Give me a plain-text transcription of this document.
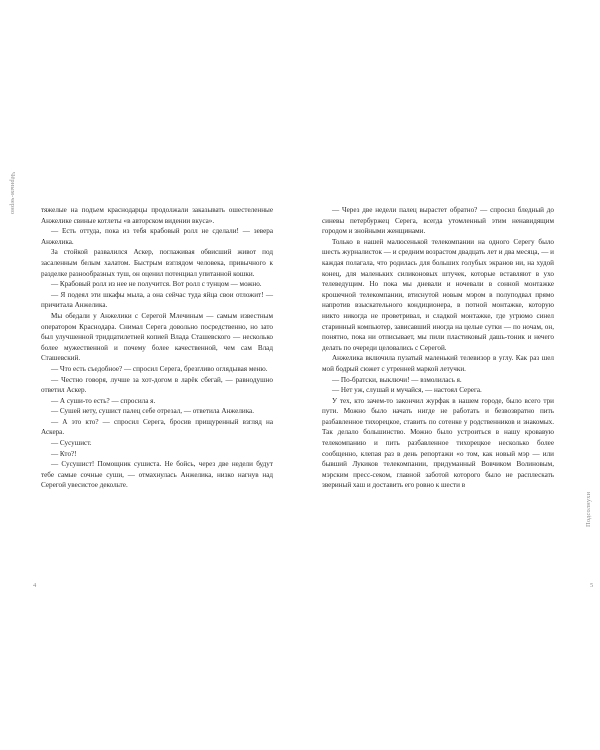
Чёрным-черно	тяжелые на подъем краснодарцы продолжали заказывать ошестеленные Анжелике свиные котлеты «в авторском видении вкуса».

— Есть оттуда, пока из тебя крабовый ролл не сделали! — зевера Анжелика.

За стойкой развалился Аскер, поглаживая обвисший живот под засаленным белым халатом. Быстрым взглядом человека, привычного к разделке разнообразных туш, он оценил потенциал упитанной кошки.

— Крабовый ролл из нее не получится. Вот ролл с тунцом — можно.

— Я подеял эти шкафы мыла, а она сейчас туда яйца свои отложит! — причитала Анжелика.

Мы обедали у Анжелики с Серегой Млечиным — самым известным оператором Краснодара. Снимал Серега довольно посредственно, но зато был улучшенной тридцатилетней копией Влада Сташевского — несколько более мужественной и почему более качественной, чем сам Влад Сташевский.

— Что есть съедобное? — спросил Серега, брезгливо оглядывая меню.

— Честно говоря, лучше за хот-догом в ларёк сбегай, — равнодушно ответил Аскер.

— А суши-то есть? — спросила я.

— Сушей нету, сушист палец себе отрезал, — ответила Анжелика.

— А это кто? — спросил Серега, бросив прищуренный взгляд на Аскера.

— Сусушист.

— Кто?!

— Сусушист! Помощник сушиста. Не бойсь, через две недели будут тебе самые сочные суши, — отмахнулась Анжелика, низко нагнув над Серегой увесистое декольте.

4

— Через две недели палец вырастет обратно? — спросил бледный до синевы петербуржец Серега, всегда утомленный этим ненавидящим городом и знойными женщинами.

Только в нашей малюсенькой телекомпании на одного Серегу было шесть журналисток — и средним возрастом двадцать лет и два месяца, — и каждая полагала, что родилась для больших голубых экранов ни, на худой конец, для маленьких силиконовых штучек, которые вставляют в ухо телеведущим. Но пока мы дневали и ночевали в сонной монтажке крошечной телекомпании, втиснутой новым мэром в полуподвал прямо напротив взыскательного кондиционера, в потной монтажке, которую никто никогда не проветривал, и сладкой монтажке, где угрюмо синел старинный компьютер, зависавший иногда на целые сутки — по ночам, он, понятно, пока ни отписывает, мы пили пластиковый дашь-тоник и нечего делать по очереди целовались с Серегой.

Анжелика включила пузатый маленький телевизор в углу. Как раз шел мой бодрый сюжет с утренней маркой летучки.

— По-братски, выключи! — взмолилась я.

— Нет уж, слушай и мучайся, — настоял Серега.

У тех, кто зачем-то закончил журфак в нашем городе, было всего три пути. Можно было начать нигде не работать и безвозвратно пить разбавленное тихорецкое, ставить по сотенке у родственников и знакомых. Так делало большинство. Можно было устроиться в нашу кровавую телекомпанию и пить разбавленное тихорецкое несколько более сообщенно, клепая раз в день репортажи «о том, как новый мэр — или бывший Лукиков телекомпании, придуманный Вовчиком Волиновым, мэрским пресс-секом, главной заботой которого было не расплескать звериный хаш и доставить его ровно к шести в

Подсолнухи
5
